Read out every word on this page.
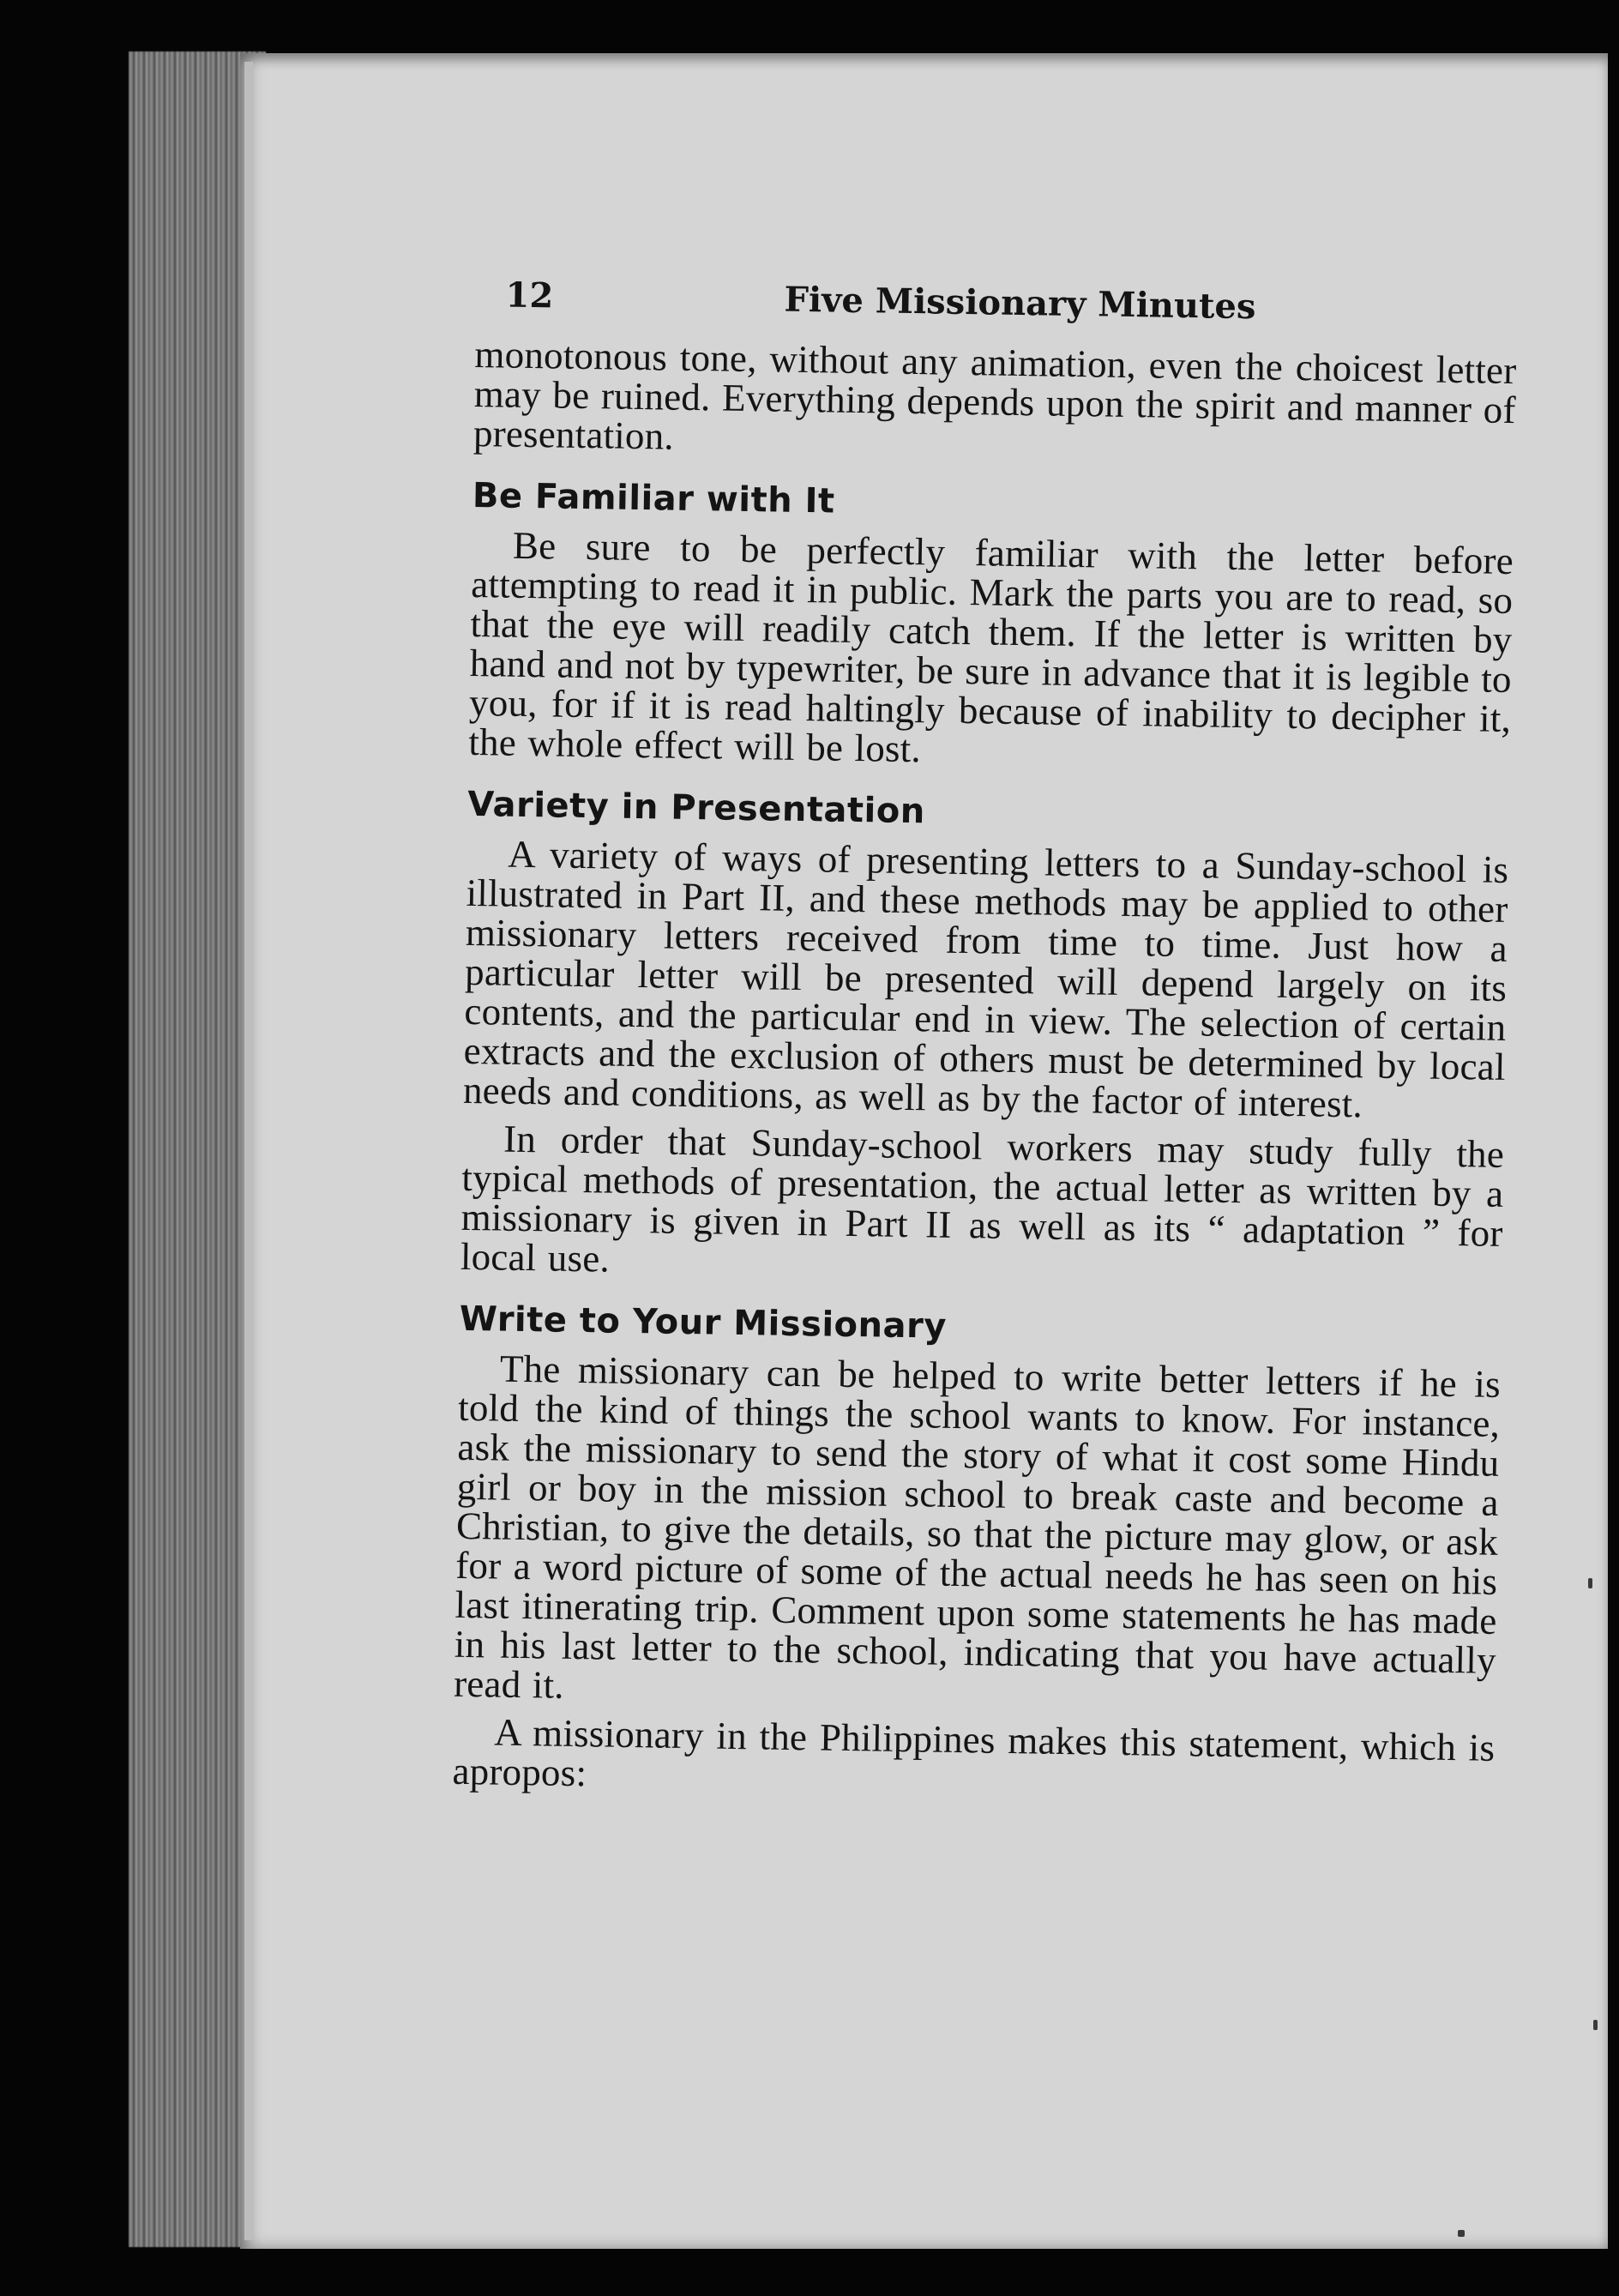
12	Five Missionary Minutes

monotonous tone, without any animation, even the choicest letter may be ruined. Everything depends upon the spirit and manner of presentation.

Be Familiar with It

Be sure to be perfectly familiar with the letter before attempting to read it in public. Mark the parts you are to read, so that the eye will readily catch them. If the letter is written by hand and not by typewriter, be sure in advance that it is legible to you, for if it is read haltingly because of inability to decipher it, the whole effect will be lost.

Variety in Presentation

A variety of ways of presenting letters to a Sunday-school is illustrated in Part II, and these methods may be applied to other missionary letters received from time to time. Just how a particular letter will be presented will depend largely on its contents, and the particular end in view. The selection of certain extracts and the exclusion of others must be determined by local needs and conditions, as well as by the factor of interest.

In order that Sunday-school workers may study fully the typical methods of presentation, the actual letter as written by a missionary is given in Part II as well as its “ adaptation ” for local use.

Write to Your Missionary

The missionary can be helped to write better letters if he is told the kind of things the school wants to know. For instance, ask the missionary to send the story of what it cost some Hindu girl or boy in the mission school to break caste and become a Christian, to give the details, so that the picture may glow, or ask for a word picture of some of the actual needs he has seen on his last itinerating trip. Comment upon some statements he has made in his last letter to the school, indicating that you have actually read it.

A missionary in the Philippines makes this statement, which is apropos:
